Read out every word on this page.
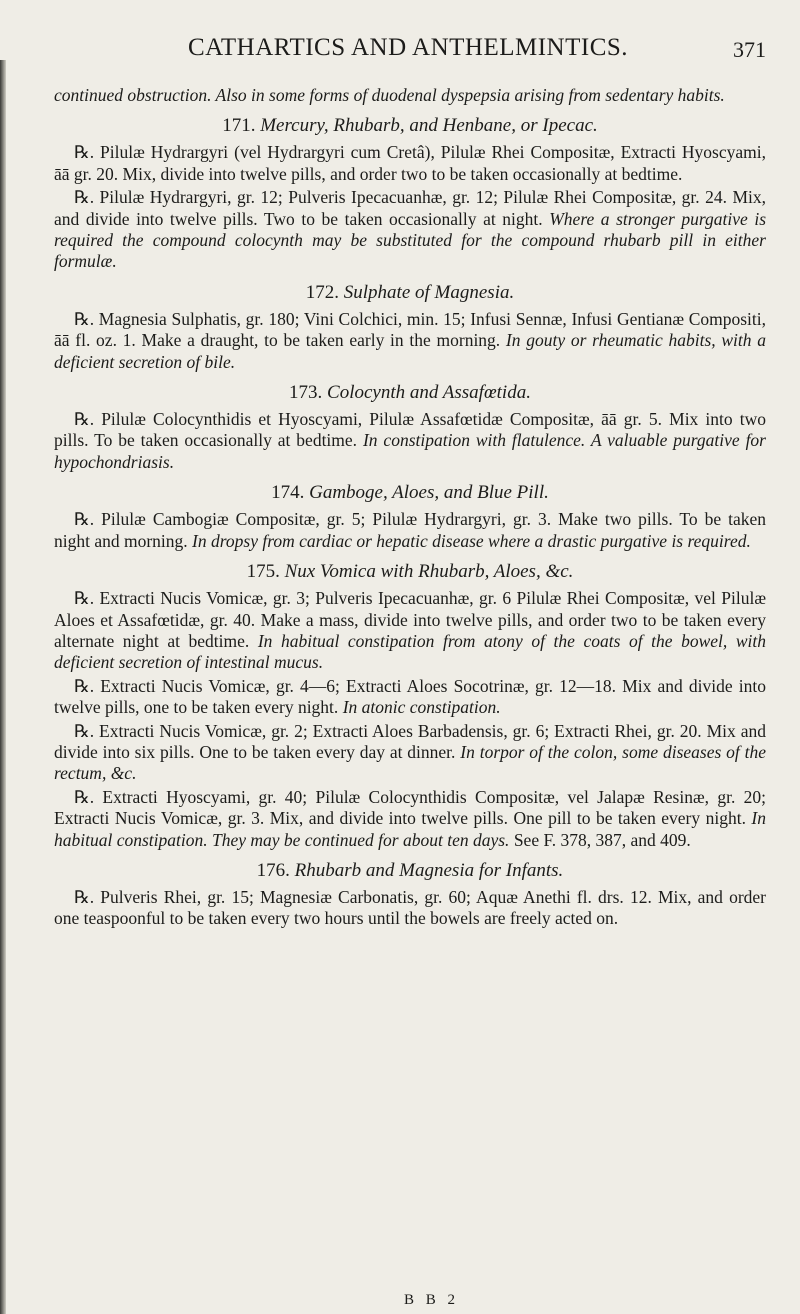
CATHARTICS AND ANTHELMINTICS.	371

continued obstruction. Also in some forms of duodenal dyspepsia arising from sedentary habits.

171. Mercury, Rhubarb, and Henbane, or Ipecac.

℞. Pilulæ Hydrargyri (vel Hydrargyri cum Cretâ), Pilulæ Rhei Compositæ, Extracti Hyoscyami, āā gr. 20. Mix, divide into twelve pills, and order two to be taken occasionally at bedtime.

℞. Pilulæ Hydrargyri, gr. 12; Pulveris Ipecacuanhæ, gr. 12; Pilulæ Rhei Compositæ, gr. 24. Mix, and divide into twelve pills. Two to be taken occasionally at night. Where a stronger purgative is required the compound colocynth may be substituted for the compound rhubarb pill in either formulæ.

172. Sulphate of Magnesia.

℞. Magnesia Sulphatis, gr. 180; Vini Colchici, min. 15; Infusi Sennæ, Infusi Gentianæ Compositi, āā fl. oz. 1. Make a draught, to be taken early in the morning. In gouty or rheumatic habits, with a deficient secretion of bile.

173. Colocynth and Assafœtida.

℞. Pilulæ Colocynthidis et Hyoscyami, Pilulæ Assafœtidæ Compositæ, āā gr. 5. Mix into two pills. To be taken occasionally at bedtime. In constipation with flatulence. A valuable purgative for hypochondriasis.

174. Gamboge, Aloes, and Blue Pill.

℞. Pilulæ Cambogiæ Compositæ, gr. 5; Pilulæ Hydrargyri, gr. 3. Make two pills. To be taken night and morning. In dropsy from cardiac or hepatic disease where a drastic purgative is required.

175. Nux Vomica with Rhubarb, Aloes, &c.

℞. Extracti Nucis Vomicæ, gr. 3; Pulveris Ipecacuanhæ, gr. 6 Pilulæ Rhei Compositæ, vel Pilulæ Aloes et Assafœtidæ, gr. 40. Make a mass, divide into twelve pills, and order two to be taken every alternate night at bedtime. In habitual constipation from atony of the coats of the bowel, with deficient secretion of intestinal mucus.

℞. Extracti Nucis Vomicæ, gr. 4—6; Extracti Aloes Socotrinæ, gr. 12—18. Mix and divide into twelve pills, one to be taken every night. In atonic constipation.

℞. Extracti Nucis Vomicæ, gr. 2; Extracti Aloes Barbadensis, gr. 6; Extracti Rhei, gr. 20. Mix and divide into six pills. One to be taken every day at dinner. In torpor of the colon, some diseases of the rectum, &c.

℞. Extracti Hyoscyami, gr. 40; Pilulæ Colocynthidis Compositæ, vel Jalapæ Resinæ, gr. 20; Extracti Nucis Vomicæ, gr. 3. Mix, and divide into twelve pills. One pill to be taken every night. In habitual constipation. They may be continued for about ten days. See F. 378, 387, and 409.

176. Rhubarb and Magnesia for Infants.

℞. Pulveris Rhei, gr. 15; Magnesiæ Carbonatis, gr. 60; Aquæ Anethi fl. drs. 12. Mix, and order one teaspoonful to be taken every two hours until the bowels are freely acted on.

B B 2
